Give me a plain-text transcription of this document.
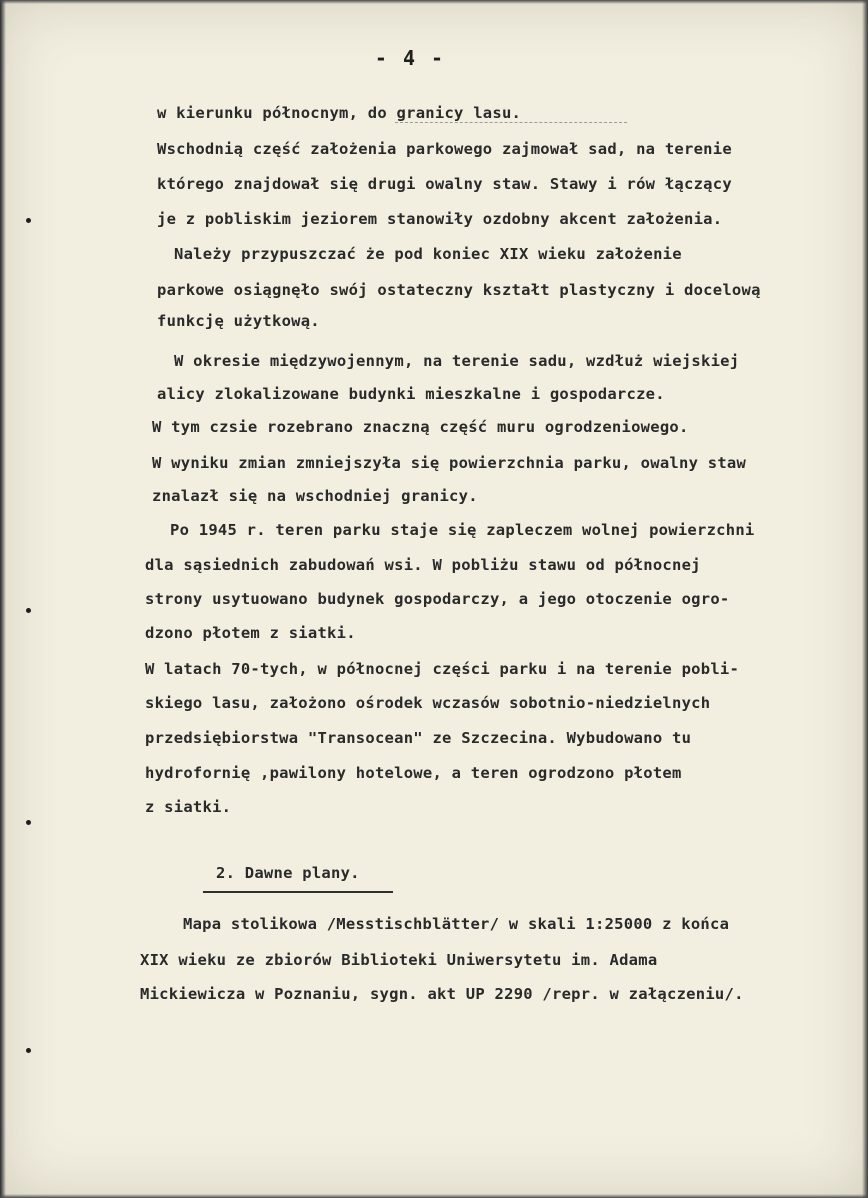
- 4 -
w kierunku północnym, do granicy lasu.
Wschodnią część założenia parkowego zajmował sad, na terenie
którego znajdował się drugi owalny staw. Stawy i rów łączący
je z pobliskim jeziorem stanowiły ozdobny akcent założenia.
Należy przypuszczać że pod koniec XIX wieku założenie
parkowe osiągnęło swój ostateczny kształt plastyczny i docelową
funkcję użytkową.
W okresie międzywojennym, na terenie sadu, wzdłuż wiejskiej
alicy zlokalizowane budynki mieszkalne i gospodarcze.
W tym czsie rozebrano znaczną część muru ogrodzeniowego.
W wyniku zmian zmniejszyła się powierzchnia parku, owalny staw
znalazł się na wschodniej granicy.
Po 1945 r. teren parku staje się zapleczem wolnej powierzchni
dla sąsiednich zabudowań wsi. W pobliżu stawu od północnej
strony usytuowano budynek gospodarczy, a jego otoczenie ogro-
dzono płotem z siatki.
W latach 70-tych, w północnej części parku i na terenie pobli-
skiego lasu, założono ośrodek wczasów sobotnio-niedzielnych
przedsiębiorstwa "Transocean" ze Szczecina. Wybudowano tu
hydrofornię ,pawilony hotelowe, a teren ogrodzono płotem
z siatki.
2. Dawne plany.
Mapa stolikowa /Messtischblätter/ w skali 1:25000 z końca
XIX wieku ze zbiorów Biblioteki Uniwersytetu im. Adama
Mickiewicza w Poznaniu, sygn. akt UP 2290 /repr. w załączeniu/.
